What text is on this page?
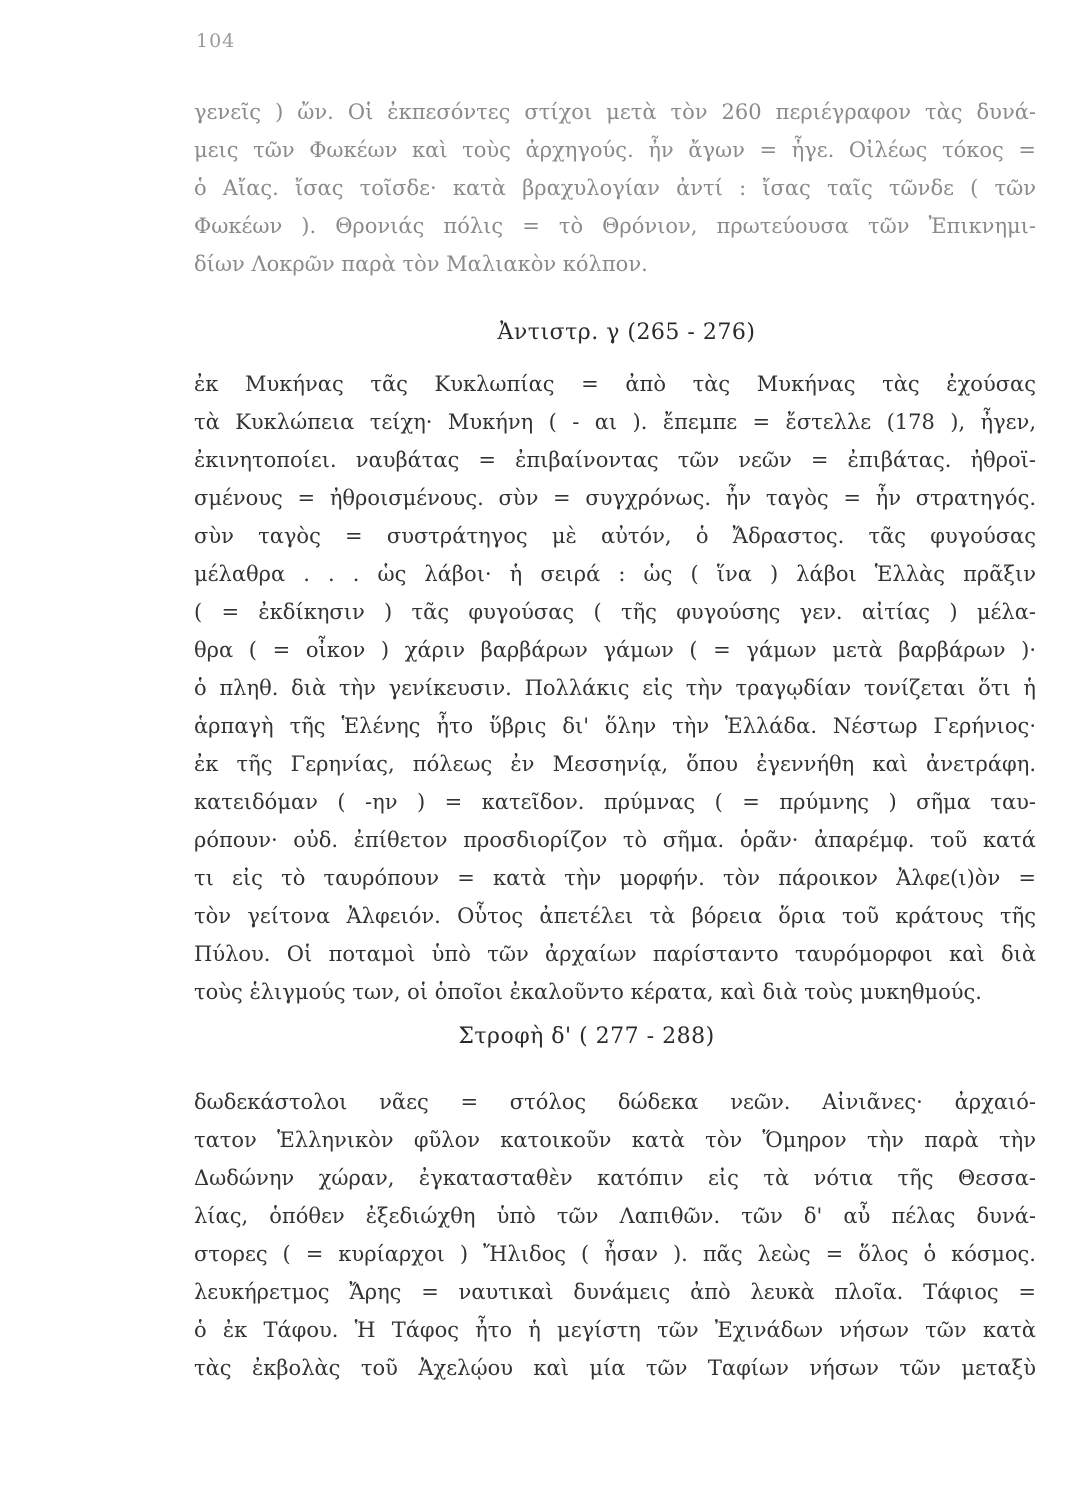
104
γενεῖς ) ὤν. Οἱ ἐκπεσόντες στίχοι μετὰ τὸν 260 περιέγραφον τὰς δυνά-
μεις τῶν Φωκέων καὶ τοὺς ἀρχηγούς. ἦν ἄγων = ἦγε. Οἰλέως τόκος =
ὁ Αἴας. ἴσας τοῖσδε· κατὰ βραχυλογίαν ἀντί : ἴσας ταῖς τῶνδε ( τῶν
Φωκέων ). Θρονιάς πόλις = τὸ Θρόνιον, πρωτεύουσα τῶν Ἐπικνημι-
δίων Λοκρῶν παρὰ τὸν Μαλιακὸν κόλπον.
Ἀντιστρ. γ (265 - 276)
ἐκ Μυκήνας τᾶς Κυκλωπίας = ἀπὸ τὰς Μυκήνας τὰς ἐχούσας
τὰ Κυκλώπεια τείχη· Μυκήνη ( - αι ). ἔπεμπε = ἔστελλε (178 ), ἦγεν,
ἐκινητοποίει. ναυβάτας = ἐπιβαίνοντας τῶν νεῶν = ἐπιβάτας. ἠθροϊ-
σμένους = ἠθροισμένους. σὺν = συγχρόνως. ἦν ταγὸς = ἦν στρατηγός.
σὺν ταγὸς = συστράτηγος μὲ αὐτόν, ὁ Ἄδραστος. τᾶς φυγούσας
μέλαθρα . . . ὡς λάβοι· ἡ σειρά : ὡς ( ἵνα ) λάβοι Ἑλλὰς πρᾶξιν
( = ἐκδίκησιν ) τᾶς φυγούσας ( τῆς φυγούσης γεν. αἰτίας ) μέλα-
θρα ( = οἶκον ) χάριν βαρβάρων γάμων ( = γάμων μετὰ βαρβάρων )·
ὁ πληθ. διὰ τὴν γενίκευσιν. Πολλάκις εἰς τὴν τραγῳδίαν τονίζεται ὅτι ἡ
ἁρπαγὴ τῆς Ἑλένης ἦτο ὕβρις δι' ὅλην τὴν Ἑλλάδα. Νέστωρ Γερήνιος·
ἐκ τῆς Γερηνίας, πόλεως ἐν Μεσσηνίᾳ, ὅπου ἐγεννήθη καὶ ἀνετράφη.
κατειδόμαν ( -ην ) = κατεῖδον. πρύμνας ( = πρύμνης ) σῆμα ταυ-
ρόπουν· οὐδ. ἐπίθετον προσδιορίζον τὸ σῆμα. ὁρᾶν· ἀπαρέμφ. τοῦ κατά
τι εἰς τὸ ταυρόπουν = κατὰ τὴν μορφήν. τὸν πάροικον Ἀλφε(ι)ὸν =
τὸν γείτονα Ἀλφειόν. Οὗτος ἀπετέλει τὰ βόρεια ὅρια τοῦ κράτους τῆς
Πύλου. Οἱ ποταμοὶ ὑπὸ τῶν ἀρχαίων παρίσταντο ταυρόμορφοι καὶ διὰ
τοὺς ἑλιγμούς των, οἱ ὁποῖοι ἐκαλοῦντο κέρατα, καὶ διὰ τοὺς μυκηθμούς.
Στροφὴ δ' ( 277 - 288)
δωδεκάστολοι νᾶες = στόλος δώδεκα νεῶν. Αἰνιᾶνες· ἀρχαιό-
τατον Ἑλληνικὸν φῦλον κατοικοῦν κατὰ τὸν Ὅμηρον τὴν παρὰ τὴν
Δωδώνην χώραν, ἐγκατασταθὲν κατόπιν εἰς τὰ νότια τῆς Θεσσα-
λίας, ὁπόθεν ἐξεδιώχθη ὑπὸ τῶν Λαπιθῶν. τῶν δ' αὖ πέλας δυνά-
στορες ( = κυρίαρχοι ) Ἤλιδος ( ἦσαν ). πᾶς λεὼς = ὅλος ὁ κόσμος.
λευκήρετμος Ἄρης = ναυτικαὶ δυνάμεις ἀπὸ λευκὰ πλοῖα. Τάφιος =
ὁ ἐκ Τάφου. Ἡ Τάφος ἦτο ἡ μεγίστη τῶν Ἐχινάδων νήσων τῶν κατὰ
τὰς ἐκβολὰς τοῦ Ἀχελῴου καὶ μία τῶν Ταφίων νήσων τῶν μεταξὺ
